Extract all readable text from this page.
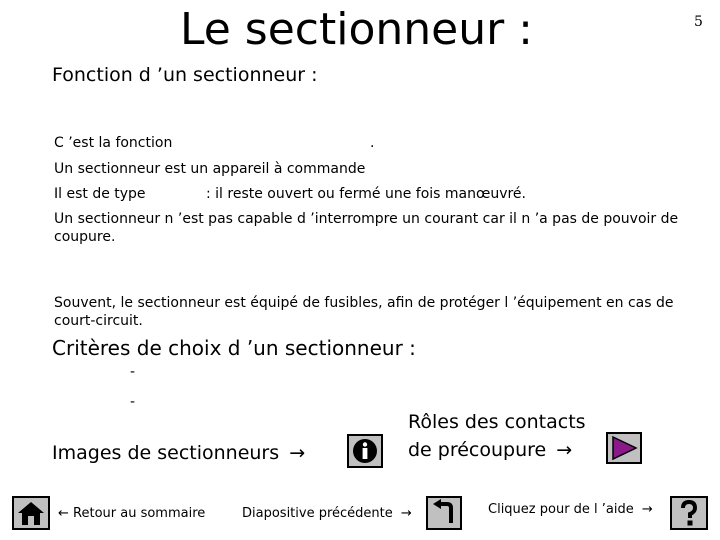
Le sectionneur :	5
Fonction d ’un sectionneur :
C ’est la fonction	.
Un sectionneur est un appareil à commande
Il est de type	: il reste ouvert ou fermé une fois manœuvré.
Un sectionneur n ’est pas capable d ’interrompre un courant car il n ’a pas de pouvoir de coupure.
Souvent, le sectionneur est équipé de fusibles, afin de protéger l ’équipement en cas de court-circuit.
Critères de choix d ’un sectionneur :
-
-
Images de sectionneurs →
Rôles des contacts
de précoupure →
← Retour au sommaire	Diapositive précédente →	Cliquez pour de l ’aide →
